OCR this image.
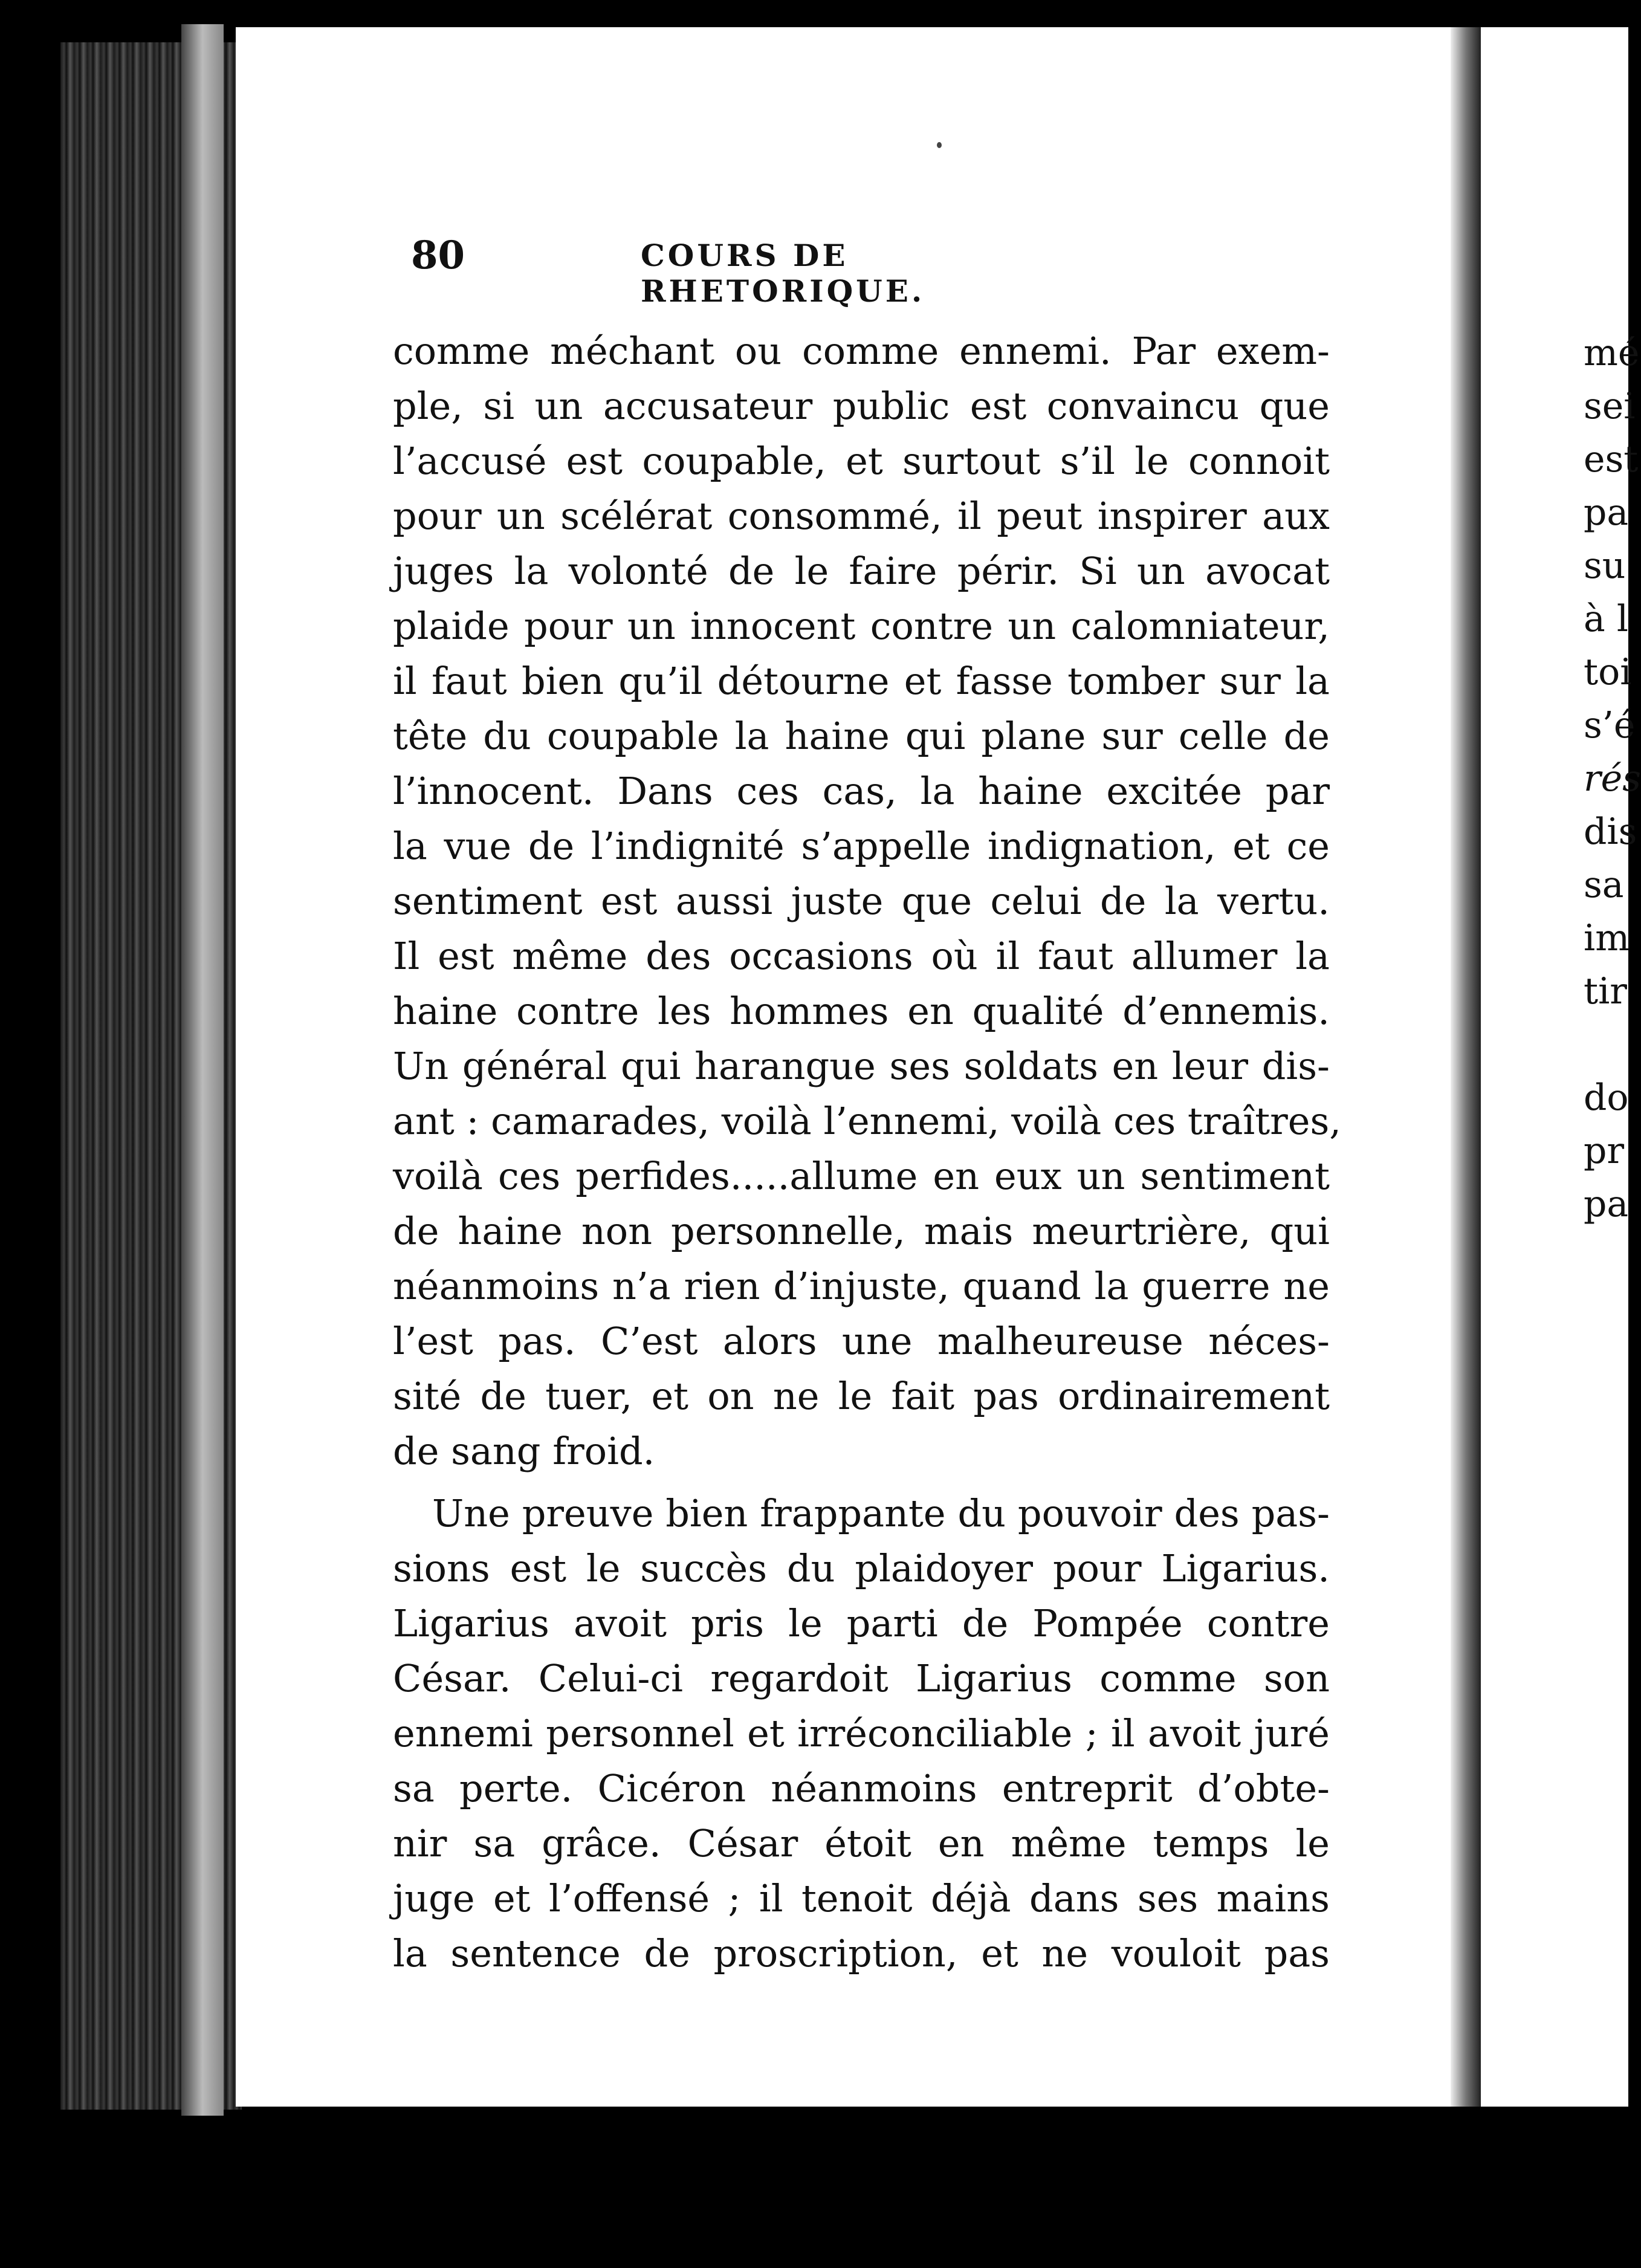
80	COURS DE RHETORIQUE.
comme méchant ou comme ennemi. Par exem-
ple, si un accusateur public est convaincu que
l’accusé est coupable, et surtout s’il le connoit
pour un scélérat consommé, il peut inspirer aux
juges la volonté de le faire périr. Si un avocat
plaide pour un innocent contre un calomniateur,
il faut bien qu’il détourne et fasse tomber sur la
tête du coupable la haine qui plane sur celle de
l’innocent. Dans ces cas, la haine excitée par
la vue de l’indignité s’appelle indignation, et ce
sentiment est aussi juste que celui de la vertu.
Il est même des occasions où il faut allumer la
haine contre les hommes en qualité d’ennemis.
Un général qui harangue ses soldats en leur dis-
ant : camarades, voilà l’ennemi, voilà ces traîtres,
voilà ces perfides.....allume en eux un sentiment
de haine non personnelle, mais meurtrière, qui
néanmoins n’a rien d’injuste, quand la guerre ne
l’est pas. C’est alors une malheureuse néces-
sité de tuer, et on ne le fait pas ordinairement
de sang froid.
Une preuve bien frappante du pouvoir des pas-
sions est le succès du plaidoyer pour Ligarius.
Ligarius avoit pris le parti de Pompée contre
César. Celui-ci regardoit Ligarius comme son
ennemi personnel et irréconciliable ; il avoit juré
sa perte. Cicéron néanmoins entreprit d’obte-
nir sa grâce. César étoit en même temps le
juge et l’offensé ; il tenoit déjà dans ses mains
la sentence de proscription, et ne vouloit pas
mé
sei
est
pa
su
à l
toi
s’é
rés
dis
sa
im
tir
do
pr
pa
